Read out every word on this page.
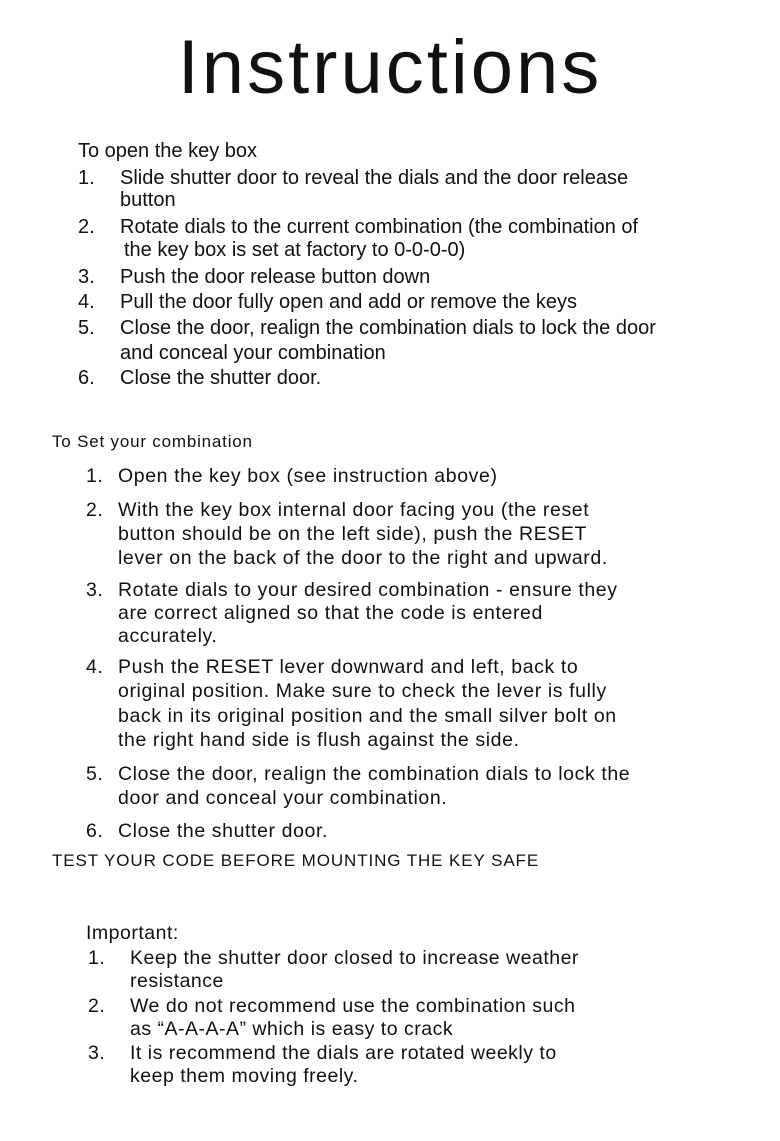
Instructions
To open the key box
1. Slide shutter door to reveal the dials and the door release
button
2. Rotate dials to the current combination (the combination of
the key box is set at factory to 0-0-0-0)
3. Push the door release button down
4. Pull the door fully open and add or remove the keys
5. Close the door, realign the combination dials to lock the door
and conceal your combination
6. Close the shutter door.
To Set your combination
1. Open the key box (see instruction above)
2. With the key box internal door facing you (the reset
button should be on the left side), push the RESET
lever on the back of the door to the right and upward.
3. Rotate dials to your desired combination - ensure they
are correct aligned so that the code is entered
accurately.
4. Push the RESET lever downward and left, back to
original position. Make sure to check the lever is fully
back in its original position and the small silver bolt on
the right hand side is flush against the side.
5. Close the door, realign the combination dials to lock the
door and conceal your combination.
6. Close the shutter door.
TEST YOUR CODE BEFORE MOUNTING THE KEY SAFE
Important:
1. Keep the shutter door closed to increase weather
resistance
2. We do not recommend use the combination such
as “A-A-A-A” which is easy to crack
3. It is recommend the dials are rotated weekly to
keep them moving freely.
